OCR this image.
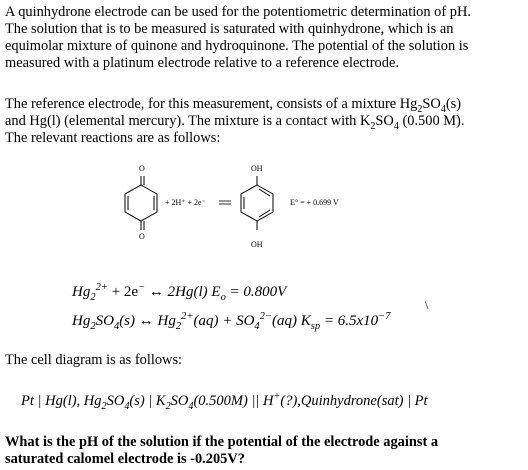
A quinhydrone electrode can be used for the potentiometric determination of pH.
The solution that is to be measured is saturated with quinhydrone, which is an
equimolar mixture of quinone and hydroquinone. The potential of the solution is
measured with a platinum electrode relative to a reference electrode.
The reference electrode, for this measurement, consists of a mixture $Hg_2SO_4(s)$
and Hg(l) (elemental mercury). The mixture is a contact with $K_2SO_4$ (0.500 M).
The relevant reactions are as follows:
O
O
OH
OH
+ 2H⁺ + 2e⁻	E° = + 0.699 V
$Hg_2^{2+} + 2e^-$ ↔ 2Hg(l) $E_o = 0.800V$
$Hg_2SO_4(s)$ ↔ $Hg_2^{2+}(aq) + SO_4^{2-}(aq) K_{sp} = 6.5x10^{-7}$
\
The cell diagram is as follows:
Pt | Hg(l), $Hg_2SO_4(s)$ | $K_2SO_4(0.500M)$ || H+(?),Quinhydrone(sat) | Pt
What is the pH of the solution if the potential of the electrode against a
saturated calomel electrode is -0.205V?
